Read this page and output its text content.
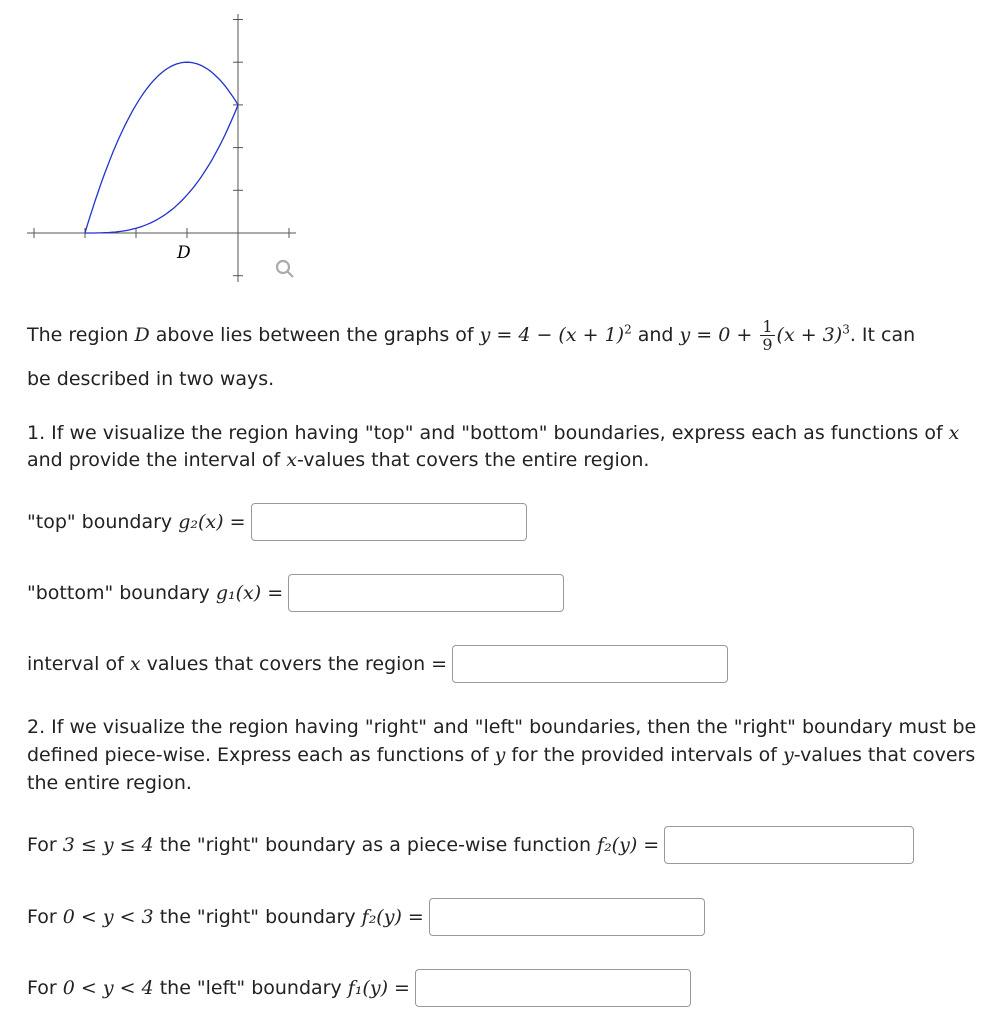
D
The region D above lies between the graphs of $y = 4 - (x + 1)^2$ and $y = 0 + \frac{1}{9} (x + 3)^3$. It can
be described in two ways.
1. If we visualize the region having "top" and "bottom" boundaries, express each as functions of x
and provide the interval of x-values that covers the entire region.
"top" boundary g₂(x) =
"bottom" boundary g₁(x) =
interval of x values that covers the region =
2. If we visualize the region having "right" and "left" boundaries, then the "right" boundary must be
defined piece-wise. Express each as functions of y for the provided intervals of y-values that covers
the entire region.
For 3 ≤ y ≤ 4 the "right" boundary as a piece-wise function f₂(y) =
For 0 < y < 3 the "right" boundary f₂(y) =
For 0 < y < 4 the "left" boundary f₁(y) =
